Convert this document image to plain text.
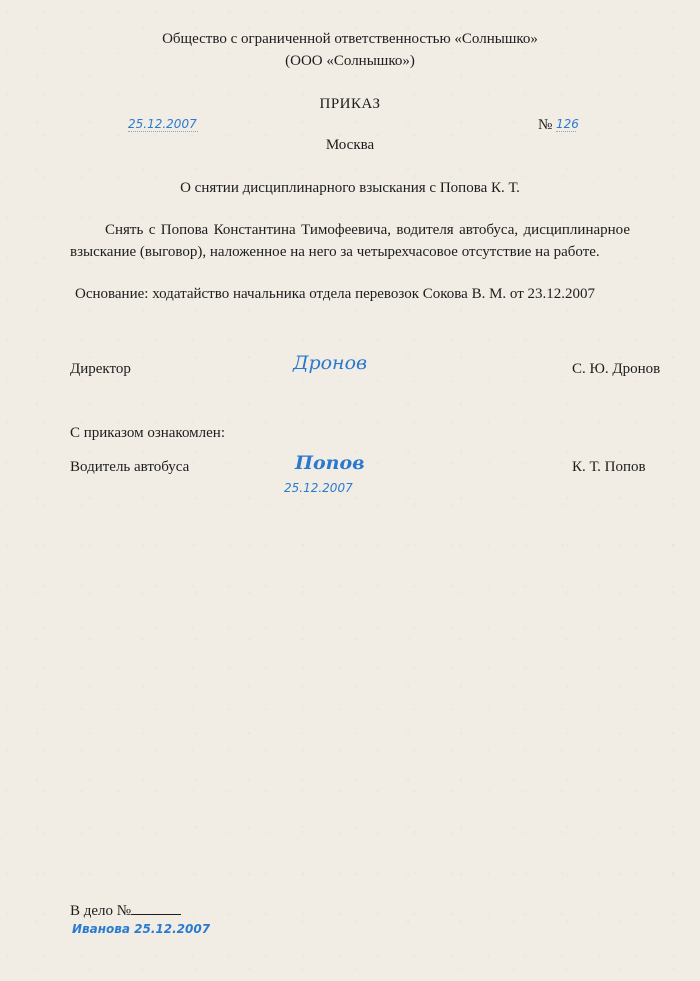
Общество с ограниченной ответственностью «Солнышко»
(ООО «Солнышко»)
ПРИКАЗ
25.12.2007	№ 126
Москва
О снятии дисциплинарного взыскания с Попова К. Т.
Снять с Попова Константина Тимофеевича, водителя автобуса, дисциплинарное взыскание (выговор), наложенное на него за четырехчасовое отсутствие на работе.
Основание: ходатайство начальника отдела перевозок Сокова В. М. от 23.12.2007
Директор	Дронов	С. Ю. Дронов
С приказом ознакомлен:
Водитель автобуса	Попов
25.12.2007
К. Т. Попов
В дело №
Иванова 25.12.2007
